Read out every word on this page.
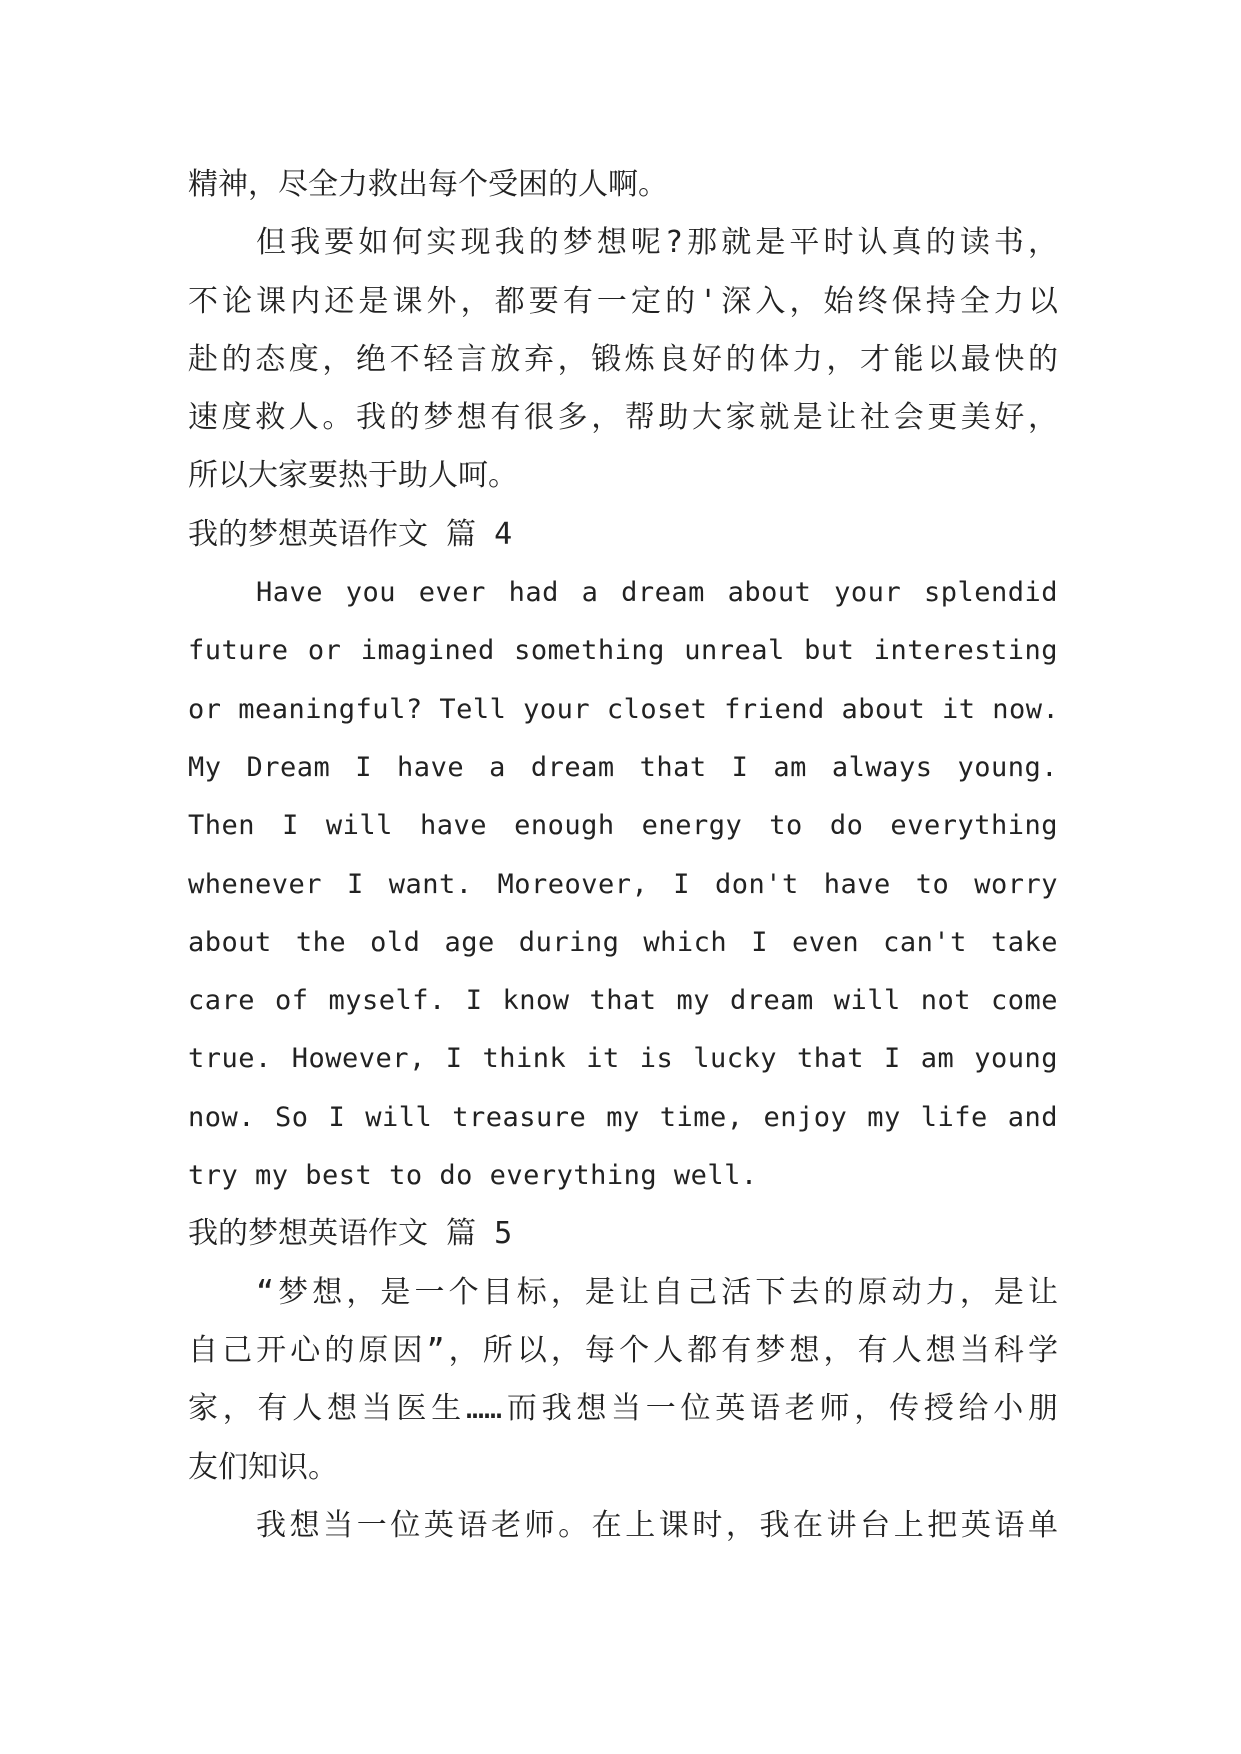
精神，尽全力救出每个受困的人啊。
但我要如何实现我的梦想呢?那就是平时认真的读书，
不论课内还是课外，都要有一定的'深入，始终保持全力以
赴的态度，绝不轻言放弃，锻炼良好的体力，才能以最快的
速度救人。我的梦想有很多，帮助大家就是让社会更美好，
所以大家要热于助人呵。
我的梦想英语作文 篇 4
Have you ever had a dream about your splendid
future or imagined something unreal but interesting
or meaningful? Tell your closet friend about it now.
My Dream I have a dream that I am always young.
Then I will have enough energy to do everything
whenever I want. Moreover, I don't have to worry
about the old age during which I even can't take
care of myself. I know that my dream will not come
true. However, I think it is lucky that I am young
now. So I will treasure my time, enjoy my life and
try my best to do everything well.
我的梦想英语作文 篇 5
“梦想，是一个目标，是让自己活下去的原动力，是让
自己开心的原因”，所以，每个人都有梦想，有人想当科学
家，有人想当医生……而我想当一位英语老师，传授给小朋
友们知识。
我想当一位英语老师。在上课时，我在讲台上把英语单
